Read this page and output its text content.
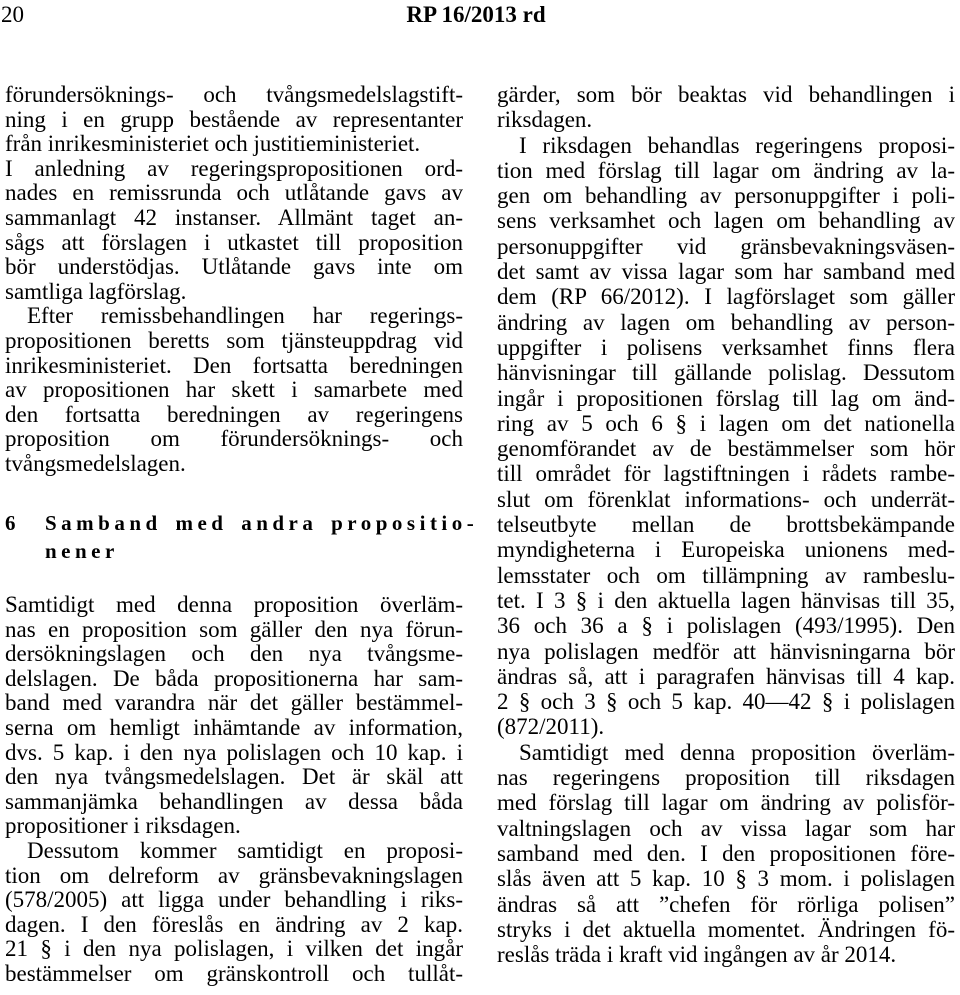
20	RP 16/2013 rd
förundersöknings- och tvångsmedelslagstift-
ning i en grupp bestående av representanter
från inrikesministeriet och justitieministeriet.
I anledning av regeringspropositionen ord-
nades en remissrunda och utlåtande gavs av
sammanlagt 42 instanser. Allmänt taget an-
sågs att förslagen i utkastet till proposition
bör understödjas. Utlåtande gavs inte om
samtliga lagförslag.
Efter remissbehandlingen har regerings-
propositionen beretts som tjänsteuppdrag vid
inrikesministeriet. Den fortsatta beredningen
av propositionen har skett i samarbete med
den fortsatta beredningen av regeringens
proposition om förundersöknings- och
tvångsmedelslagen.
6 Samband med andra propositio-
nener
Samtidigt med denna proposition överläm-
nas en proposition som gäller den nya förun-
dersökningslagen och den nya tvångsme-
delslagen. De båda propositionerna har sam-
band med varandra när det gäller bestämmel-
serna om hemligt inhämtande av information,
dvs. 5 kap. i den nya polislagen och 10 kap. i
den nya tvångsmedelslagen. Det är skäl att
sammanjämka behandlingen av dessa båda
propositioner i riksdagen.
Dessutom kommer samtidigt en proposi-
tion om delreform av gränsbevakningslagen
(578/2005) att ligga under behandling i riks-
dagen. I den föreslås en ändring av 2 kap.
21 § i den nya polislagen, i vilken det ingår
bestämmelser om gränskontroll och tullåt-
gärder, som bör beaktas vid behandlingen i
riksdagen.
I riksdagen behandlas regeringens proposi-
tion med förslag till lagar om ändring av la-
gen om behandling av personuppgifter i poli-
sens verksamhet och lagen om behandling av
personuppgifter vid gränsbevakningsväsen-
det samt av vissa lagar som har samband med
dem (RP 66/2012). I lagförslaget som gäller
ändring av lagen om behandling av person-
uppgifter i polisens verksamhet finns flera
hänvisningar till gällande polislag. Dessutom
ingår i propositionen förslag till lag om änd-
ring av 5 och 6 § i lagen om det nationella
genomförandet av de bestämmelser som hör
till området för lagstiftningen i rådets rambe-
slut om förenklat informations- och underrät-
telseutbyte mellan de brottsbekämpande
myndigheterna i Europeiska unionens med-
lemsstater och om tillämpning av rambeslu-
tet. I 3 § i den aktuella lagen hänvisas till 35,
36 och 36 a § i polislagen (493/1995). Den
nya polislagen medför att hänvisningarna bör
ändras så, att i paragrafen hänvisas till 4 kap.
2 § och 3 § och 5 kap. 40—42 § i polislagen
(872/2011).
Samtidigt med denna proposition överläm-
nas regeringens proposition till riksdagen
med förslag till lagar om ändring av polisför-
valtningslagen och av vissa lagar som har
samband med den. I den propositionen före-
slås även att 5 kap. 10 § 3 mom. i polislagen
ändras så att ”chefen för rörliga polisen”
stryks i det aktuella momentet. Ändringen fö-
reslås träda i kraft vid ingången av år 2014.
